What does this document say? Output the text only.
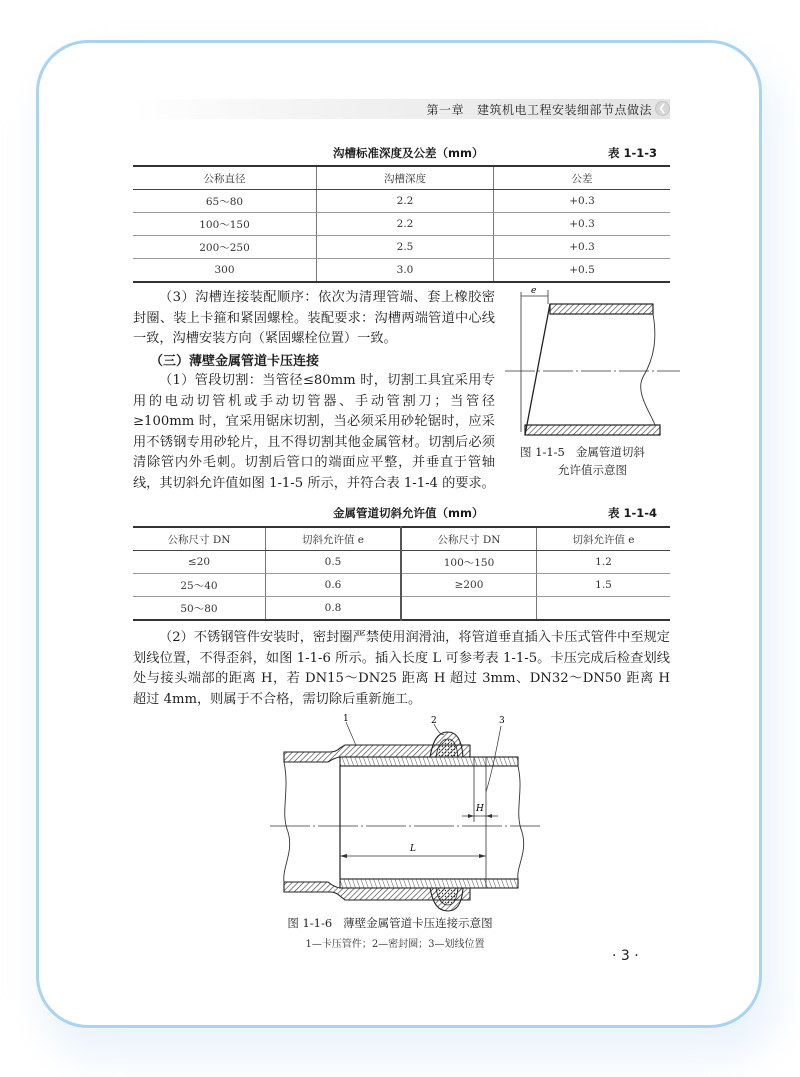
第一章   建筑机电工程安装细部节点做法 ❮
沟槽标准深度及公差（mm）	表 1-1-3
公称直径	沟槽深度	公差
65～80	2.2	+0.3
100～150	2.2	+0.3
200～250	2.5	+0.3
300	3.0	+0.5
（3）沟槽连接装配顺序：依次为清理管端、套上橡胶密封圈、装上卡箍和紧固螺栓。装配要求：沟槽两端管道中心线一致，沟槽安装方向（紧固螺栓位置）一致。
（三）薄壁金属管道卡压连接
（1）管段切割：当管径≤80mm 时，切割工具宜采用专用的电动切管机或手动切管器、手动管割刀；当管径≥100mm 时，宜采用锯床切割，当必须采用砂轮锯时，应采用不锈钢专用砂轮片，且不得切割其他金属管材。切割后必须清除管内外毛刺。切割后管口的端面应平整，并垂直于管轴线，其切斜允许值如图 1-1-5 所示，并符合表 1-1-4 的要求。
e
图 1-1-5   金属管道切斜
允许值示意图
金属管道切斜允许值（mm）	表 1-1-4
公称尺寸 DN	切斜允许值 e	公称尺寸 DN	切斜允许值 e
≤20	0.5	100～150	1.2
25～40	0.6	≥200	1.5
50～80	0.8		
（2）不锈钢管件安装时，密封圈严禁使用润滑油，将管道垂直插入卡压式管件中至规定划线位置，不得歪斜，如图 1-1-6 所示。插入长度 L 可参考表 1-1-5。卡压完成后检查划线处与接头端部的距离 H，若 DN15～DN25 距离 H 超过 3mm、DN32～DN50 距离 H 超过 4mm，则属于不合格，需切除后重新施工。
H
L
1	2	3
图 1-1-6   薄壁金属管道卡压连接示意图
1—卡压管件；2—密封圈；3—划线位置
· 3 ·
